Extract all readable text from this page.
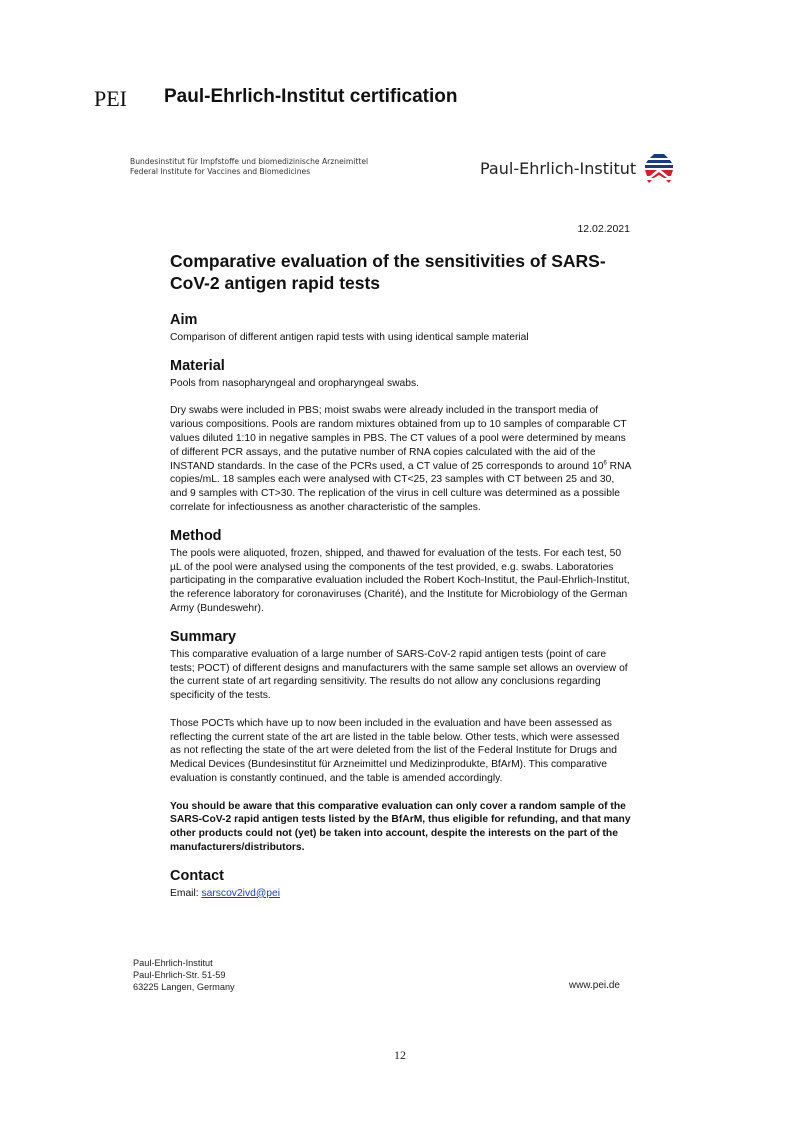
PEI Paul-Ehrlich-Institut certification
Bundesinstitut für Impfstoffe und biomedizinische Arzneimittel
Federal Institute for Vaccines and Biomedicines	Paul-Ehrlich-Institut
12.02.2021
Comparative evaluation of the sensitivities of SARS-CoV-2 antigen rapid tests
Aim

Comparison of different antigen rapid tests with using identical sample material

Material

Pools from nasopharyngeal and oropharyngeal swabs.

Dry swabs were included in PBS; moist swabs were already included in the transport media of various compositions. Pools are random mixtures obtained from up to 10 samples of comparable CT values diluted 1:10 in negative samples in PBS. The CT values of a pool were determined by means of different PCR assays, and the putative number of RNA copies calculated with the aid of the INSTAND standards. In the case of the PCRs used, a CT value of 25 corresponds to around $10^6$ RNA copies/mL. 18 samples each were analysed with CT<25, 23 samples with CT between 25 and 30, and 9 samples with CT>30. The replication of the virus in cell culture was determined as a possible correlate for infectiousness as another characteristic of the samples.

Method

The pools were aliquoted, frozen, shipped, and thawed for evaluation of the tests. For each test, 50 µL of the pool were analysed using the components of the test provided, e.g. swabs. Laboratories participating in the comparative evaluation included the Robert Koch-Institut, the Paul-Ehrlich-Institut, the reference laboratory for coronaviruses (Charité), and the Institute for Microbiology of the German Army (Bundeswehr).

Summary

This comparative evaluation of a large number of SARS-CoV-2 rapid antigen tests (point of care tests; POCT) of different designs and manufacturers with the same sample set allows an overview of the current state of art regarding sensitivity. The results do not allow any conclusions regarding specificity of the tests.

Those POCTs which have up to now been included in the evaluation and have been assessed as reflecting the current state of the art are listed in the table below. Other tests, which were assessed as not reflecting the state of the art were deleted from the list of the Federal Institute for Drugs and Medical Devices (Bundesinstitut für Arzneimittel und Medizinprodukte, BfArM). This comparative evaluation is constantly continued, and the table is amended accordingly.

You should be aware that this comparative evaluation can only cover a random sample of the SARS-CoV-2 rapid antigen tests listed by the BfArM, thus eligible for refunding, and that many other products could not (yet) be taken into account, despite the interests on the part of the manufacturers/distributors.

Contact

Email: sarscov2ivd@pei

Paul-Ehrlich-Institut
Paul-Ehrlich-Str. 51-59
63225 Langen, Germany	www.pei.de
12
